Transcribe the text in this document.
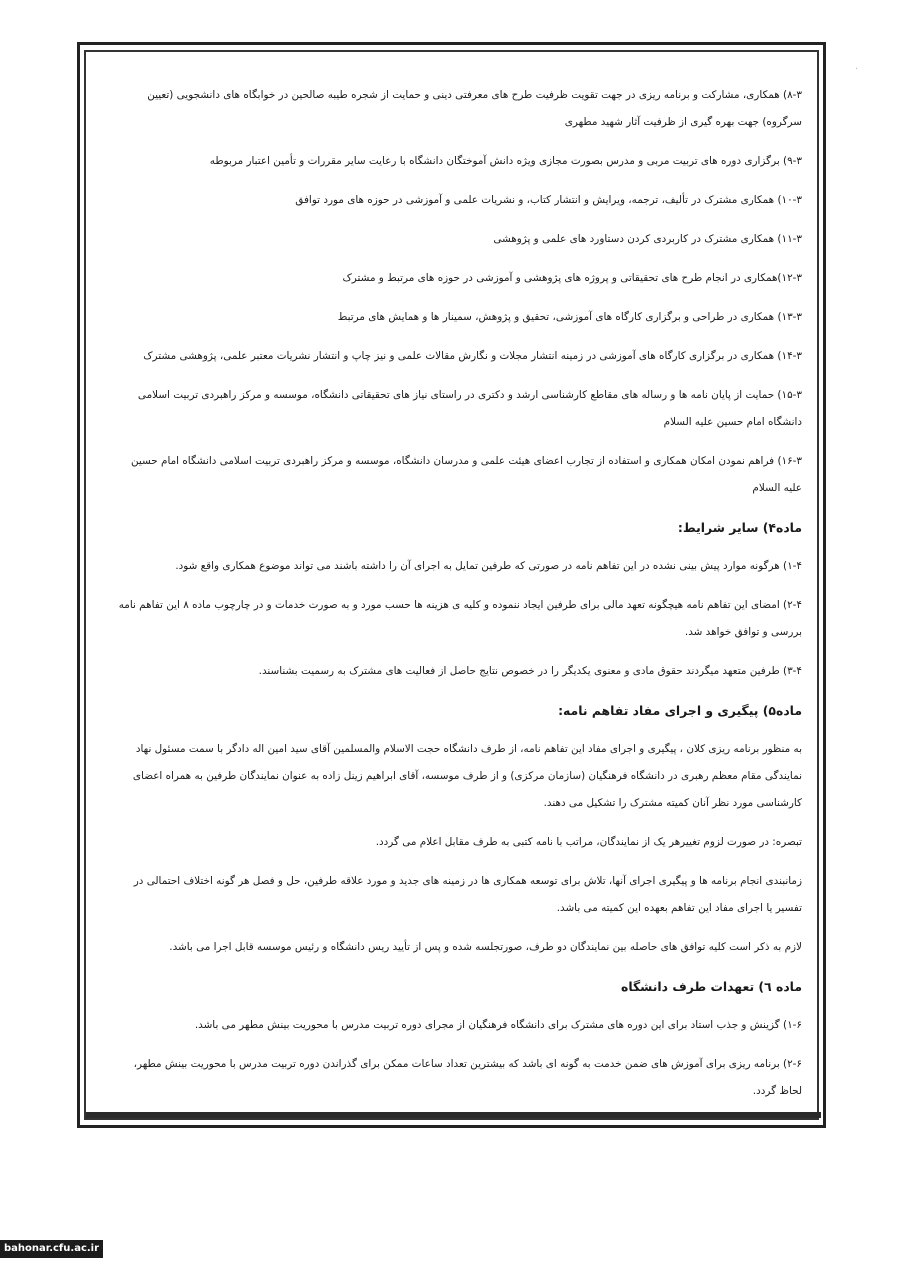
·

۸-۳) همکاری، مشارکت و برنامه ریزی در جهت تقویت ظرفیت طرح های معرفتی دینی و حمایت از شجره طیبه صالحین در خوابگاه های دانشجویی (تعیین سرگروه) جهت بهره گیری از ظرفیت آثار شهید مطهری

۹-۳) برگزاری دوره های تربیت مربی و مدرس بصورت مجازی ویژه دانش آموختگان دانشگاه با رعایت سایر مقررات و تأمین اعتبار مربوطه

۱۰-۳) همکاری مشترک در تألیف، ترجمه، ویرایش و انتشار کتاب، و نشریات علمی و آموزشی در حوزه های مورد توافق

۱۱-۳) همکاری مشترک در کاربردی کردن دستاورد های علمی و پژوهشی

۱۲-۳)همکاری در انجام طرح های تحقیقاتی و پروژه های پژوهشی و آموزشی در حوزه های مرتبط و مشترک

۱۳-۳) همکاری در طراحی و برگزاری کارگاه های آموزشی، تحقیق و پژوهش، سمینار ها و همایش های مرتبط

۱۴-۳) همکاری در برگزاری کارگاه های آموزشی در زمینه انتشار مجلات و نگارش مقالات علمی و نیز چاپ و انتشار نشریات معتبر علمی، پژوهشی مشترک

۱۵-۳) حمایت از پایان نامه ها و رساله های مقاطع کارشناسی ارشد و دکتری در راستای نیاز های تحقیقاتی دانشگاه، موسسه و مرکز راهبردی تربیت اسلامی دانشگاه امام حسین علیه السلام

۱۶-۳) فراهم نمودن امکان همکاری و استفاده از تجارب اعضای هیئت علمی و مدرسان دانشگاه، موسسه و مرکز راهبردی تربیت اسلامی دانشگاه امام حسین علیه السلام

ماده۴) سایر شرایط:

۱-۴) هرگونه موارد پیش بینی نشده در این تفاهم نامه در صورتی که طرفین تمایل به اجرای آن را داشته باشند می تواند موضوع همکاری واقع شود.

۲-۴) امضای این تفاهم نامه هیچگونه تعهد مالی برای طرفین ایجاد ننموده و کلیه ی هزینه ها حسب مورد و به صورت خدمات و در چارچوب ماده ۸ این تفاهم نامه بررسی و توافق خواهد شد.

۳-۴) طرفین متعهد میگردند حقوق مادی و معنوی یکدیگر را در خصوص نتایج حاصل از فعالیت های مشترک به رسمیت بشناسند.

ماده۵) پیگیری و اجرای مفاد تفاهم نامه:

به منظور برنامه ریزی کلان ، پیگیری و اجرای مفاد این تفاهم نامه، از طرف دانشگاه حجت الاسلام والمسلمین آقای سید امین اله دادگر با سمت مسئول نهاد نمایندگی مقام معظم رهبری در دانشگاه فرهنگیان (سازمان مرکزی) و از طرف موسسه، آقای ابراهیم زینل زاده به عنوان نمایندگان طرفین به همراه اعضای کارشناسی مورد نظر آنان کمیته مشترک را تشکیل می دهند.

تبصره: در صورت لزوم تغییرهر یک از نمایندگان، مراتب با نامه کتبی به طرف مقابل اعلام می گردد.

زمانبندی انجام برنامه ها و پیگیری اجرای آنها، تلاش برای توسعه همکاری ها در زمینه های جدید و مورد علاقه طرفین، حل و فصل هر گونه اختلاف احتمالی در تفسیر یا اجرای مفاد این تفاهم بعهده این کمیته می باشد.

لازم به ذکر است کلیه توافق های حاصله بین نمایندگان دو طرف، صورتجلسه شده و پس از تأیید ریس دانشگاه و رئیس موسسه قابل اجرا می باشد.

ماده ٦) تعهدات طرف دانشگاه

۱-۶) گزینش و جذب استاد برای این دوره های مشترک برای دانشگاه فرهنگیان از مجرای دوره تربیت مدرس با محوریت بینش مطهر می باشد.

۲-۶) برنامه ریزی برای آموزش های ضمن خدمت به گونه ای باشد که بیشترین تعداد ساعات ممکن برای گذراندن دوره تربیت مدرس با محوریت بینش مطهر، لحاظ گردد.

bahonar.cfu.ac.ir
